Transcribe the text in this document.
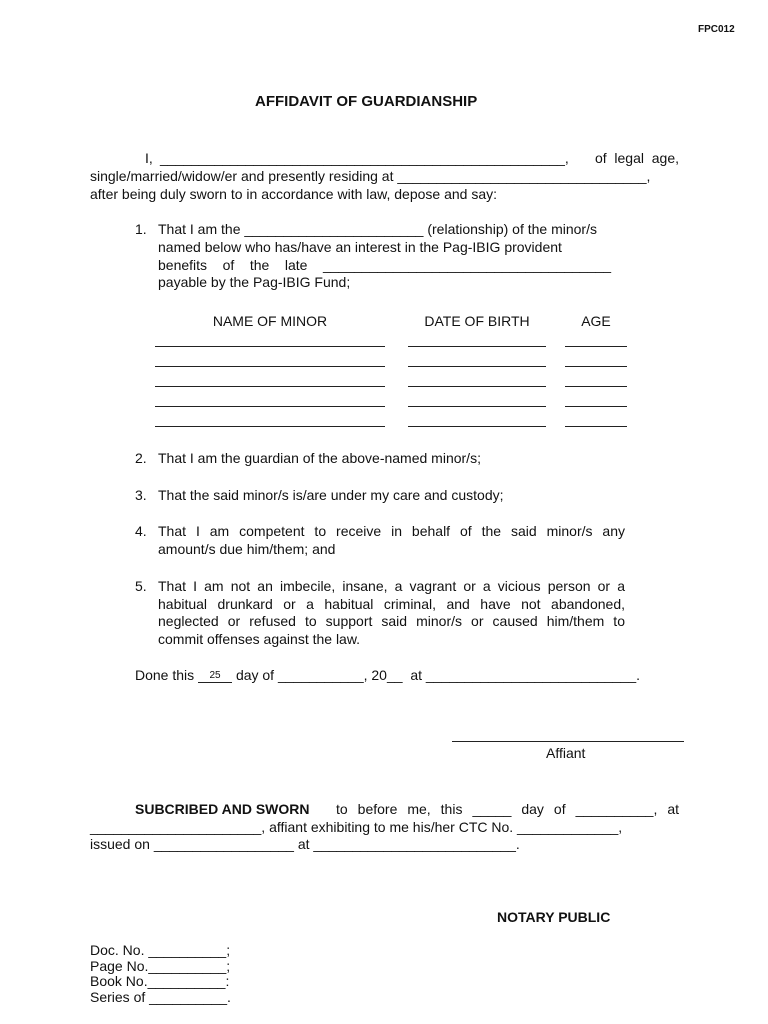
FPC012
AFFIDAVIT OF GUARDIANSHIP
I, ____________________________________________________,	of  legal  age,
single/married/widow/er and presently residing at ________________________________,
after being duly sworn to in accordance with law, depose and say:
1. That I am the _______________________ (relationship) of the minor/s
named below who has/have an interest in the Pag-IBIG provident
benefits    of    the    late    _____________________________________
payable by the Pag-IBIG Fund;
NAME OF MINOR	DATE OF BIRTH	AGE
2. That I am the guardian of the above-named minor/s;
3. That the said minor/s is/are under my care and custody;
4. That I am competent to receive in behalf of the said minor/s any
amount/s due him/them; and
5. That I am not an imbecile, insane, a vagrant or a vicious person or a
habitual drunkard or a habitual criminal, and have not abandoned,
neglected or refused to support said minor/s or caused him/them to
commit offenses against the law.
Done this 25 day of ___________, 20__  at ___________________________.
Affiant
SUBCRIBED AND SWORN to before me, this _____ day of __________, at
______________________, affiant exhibiting to me his/her CTC No. _____________,
issued on __________________ at __________________________.
NOTARY PUBLIC
Doc. No. __________;
Page No.__________;
Book No.__________:
Series of __________.
